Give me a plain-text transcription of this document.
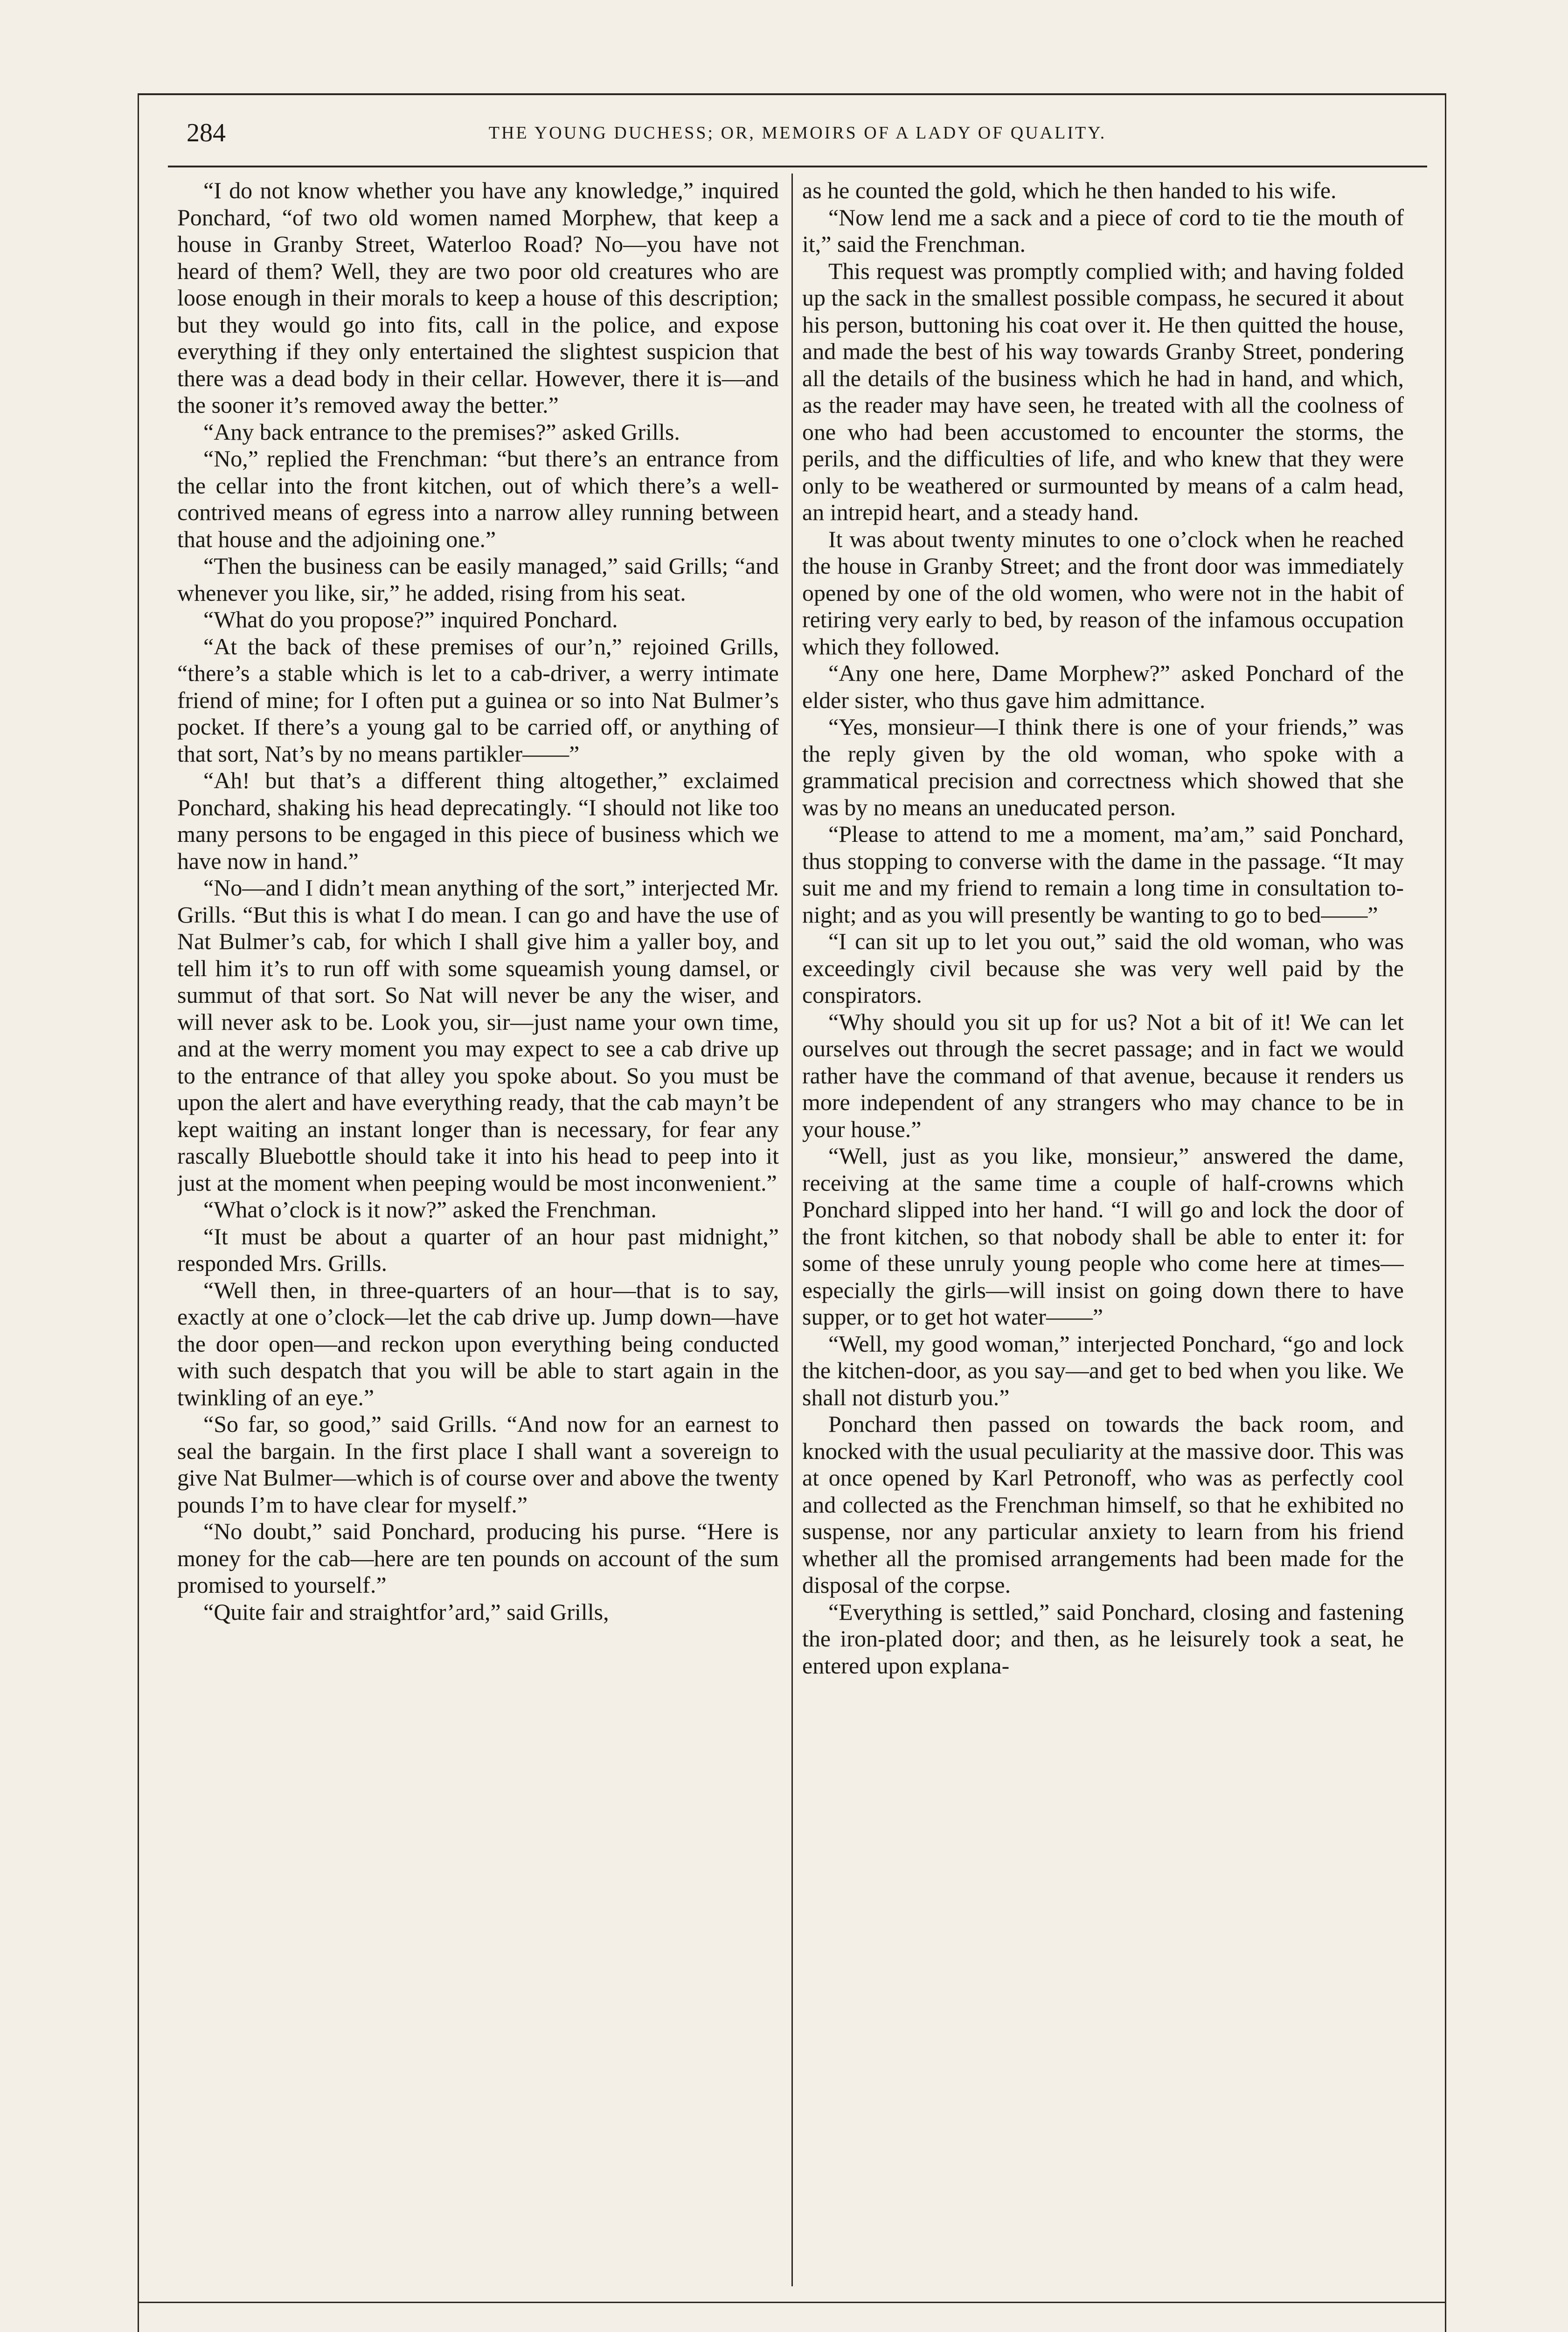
284	THE YOUNG DUCHESS; OR, MEMOIRS OF A LADY OF QUALITY.

“I do not know whether you have any knowledge,” inquired Ponchard, “of two old women named Morphew, that keep a house in Granby Street, Waterloo Road? No—you have not heard of them? Well, they are two poor old creatures who are loose enough in their morals to keep a house of this description; but they would go into fits, call in the police, and expose everything if they only entertained the slightest suspicion that there was a dead body in their cellar. However, there it is—and the sooner it’s removed away the better.”

“Any back entrance to the premises?” asked Grills.

“No,” replied the Frenchman: “but there’s an entrance from the cellar into the front kitchen, out of which there’s a well-contrived means of egress into a narrow alley running between that house and the adjoining one.”

“Then the business can be easily managed,” said Grills; “and whenever you like, sir,” he added, rising from his seat.

“What do you propose?” inquired Ponchard.

“At the back of these premises of our’n,” rejoined Grills, “there’s a stable which is let to a cab-driver, a werry intimate friend of mine; for I often put a guinea or so into Nat Bulmer’s pocket. If there’s a young gal to be carried off, or anything of that sort, Nat’s by no means partikler——”

“Ah! but that’s a different thing altogether,” exclaimed Ponchard, shaking his head deprecatingly. “I should not like too many persons to be engaged in this piece of business which we have now in hand.”

“No—and I didn’t mean anything of the sort,” interjected Mr. Grills. “But this is what I do mean. I can go and have the use of Nat Bulmer’s cab, for which I shall give him a yaller boy, and tell him it’s to run off with some squeamish young damsel, or summut of that sort. So Nat will never be any the wiser, and will never ask to be. Look you, sir—just name your own time, and at the werry moment you may expect to see a cab drive up to the entrance of that alley you spoke about. So you must be upon the alert and have everything ready, that the cab mayn’t be kept waiting an instant longer than is necessary, for fear any rascally Bluebottle should take it into his head to peep into it just at the moment when peeping would be most inconwenient.”

“What o’clock is it now?” asked the Frenchman.

“It must be about a quarter of an hour past midnight,” responded Mrs. Grills.

“Well then, in three-quarters of an hour—that is to say, exactly at one o’clock—let the cab drive up. Jump down—have the door open—and reckon upon everything being conducted with such despatch that you will be able to start again in the twinkling of an eye.”

“So far, so good,” said Grills. “And now for an earnest to seal the bargain. In the first place I shall want a sovereign to give Nat Bulmer—which is of course over and above the twenty pounds I’m to have clear for myself.”

“No doubt,” said Ponchard, producing his purse. “Here is money for the cab—here are ten pounds on account of the sum promised to yourself.”

“Quite fair and straightfor’ard,” said Grills,

as he counted the gold, which he then handed to his wife.

“Now lend me a sack and a piece of cord to tie the mouth of it,” said the Frenchman.

This request was promptly complied with; and having folded up the sack in the smallest possible compass, he secured it about his person, buttoning his coat over it. He then quitted the house, and made the best of his way towards Granby Street, pondering all the details of the business which he had in hand, and which, as the reader may have seen, he treated with all the coolness of one who had been accustomed to encounter the storms, the perils, and the difficulties of life, and who knew that they were only to be weathered or surmounted by means of a calm head, an intrepid heart, and a steady hand.

It was about twenty minutes to one o’clock when he reached the house in Granby Street; and the front door was immediately opened by one of the old women, who were not in the habit of retiring very early to bed, by reason of the infamous occupation which they followed.

“Any one here, Dame Morphew?” asked Ponchard of the elder sister, who thus gave him admittance.

“Yes, monsieur—I think there is one of your friends,” was the reply given by the old woman, who spoke with a grammatical precision and correctness which showed that she was by no means an uneducated person.

“Please to attend to me a moment, ma’am,” said Ponchard, thus stopping to converse with the dame in the passage. “It may suit me and my friend to remain a long time in consultation to-night; and as you will presently be wanting to go to bed——”

“I can sit up to let you out,” said the old woman, who was exceedingly civil because she was very well paid by the conspirators.

“Why should you sit up for us? Not a bit of it! We can let ourselves out through the secret passage; and in fact we would rather have the command of that avenue, because it renders us more independent of any strangers who may chance to be in your house.”

“Well, just as you like, monsieur,” answered the dame, receiving at the same time a couple of half-crowns which Ponchard slipped into her hand. “I will go and lock the door of the front kitchen, so that nobody shall be able to enter it: for some of these unruly young people who come here at times—especially the girls—will insist on going down there to have supper, or to get hot water——”

“Well, my good woman,” interjected Ponchard, “go and lock the kitchen-door, as you say—and get to bed when you like. We shall not disturb you.”

Ponchard then passed on towards the back room, and knocked with the usual peculiarity at the massive door. This was at once opened by Karl Petronoff, who was as perfectly cool and collected as the Frenchman himself, so that he exhibited no suspense, nor any particular anxiety to learn from his friend whether all the promised arrangements had been made for the disposal of the corpse.

“Everything is settled,” said Ponchard, closing and fastening the iron-plated door; and then, as he leisurely took a seat, he entered upon explana-
